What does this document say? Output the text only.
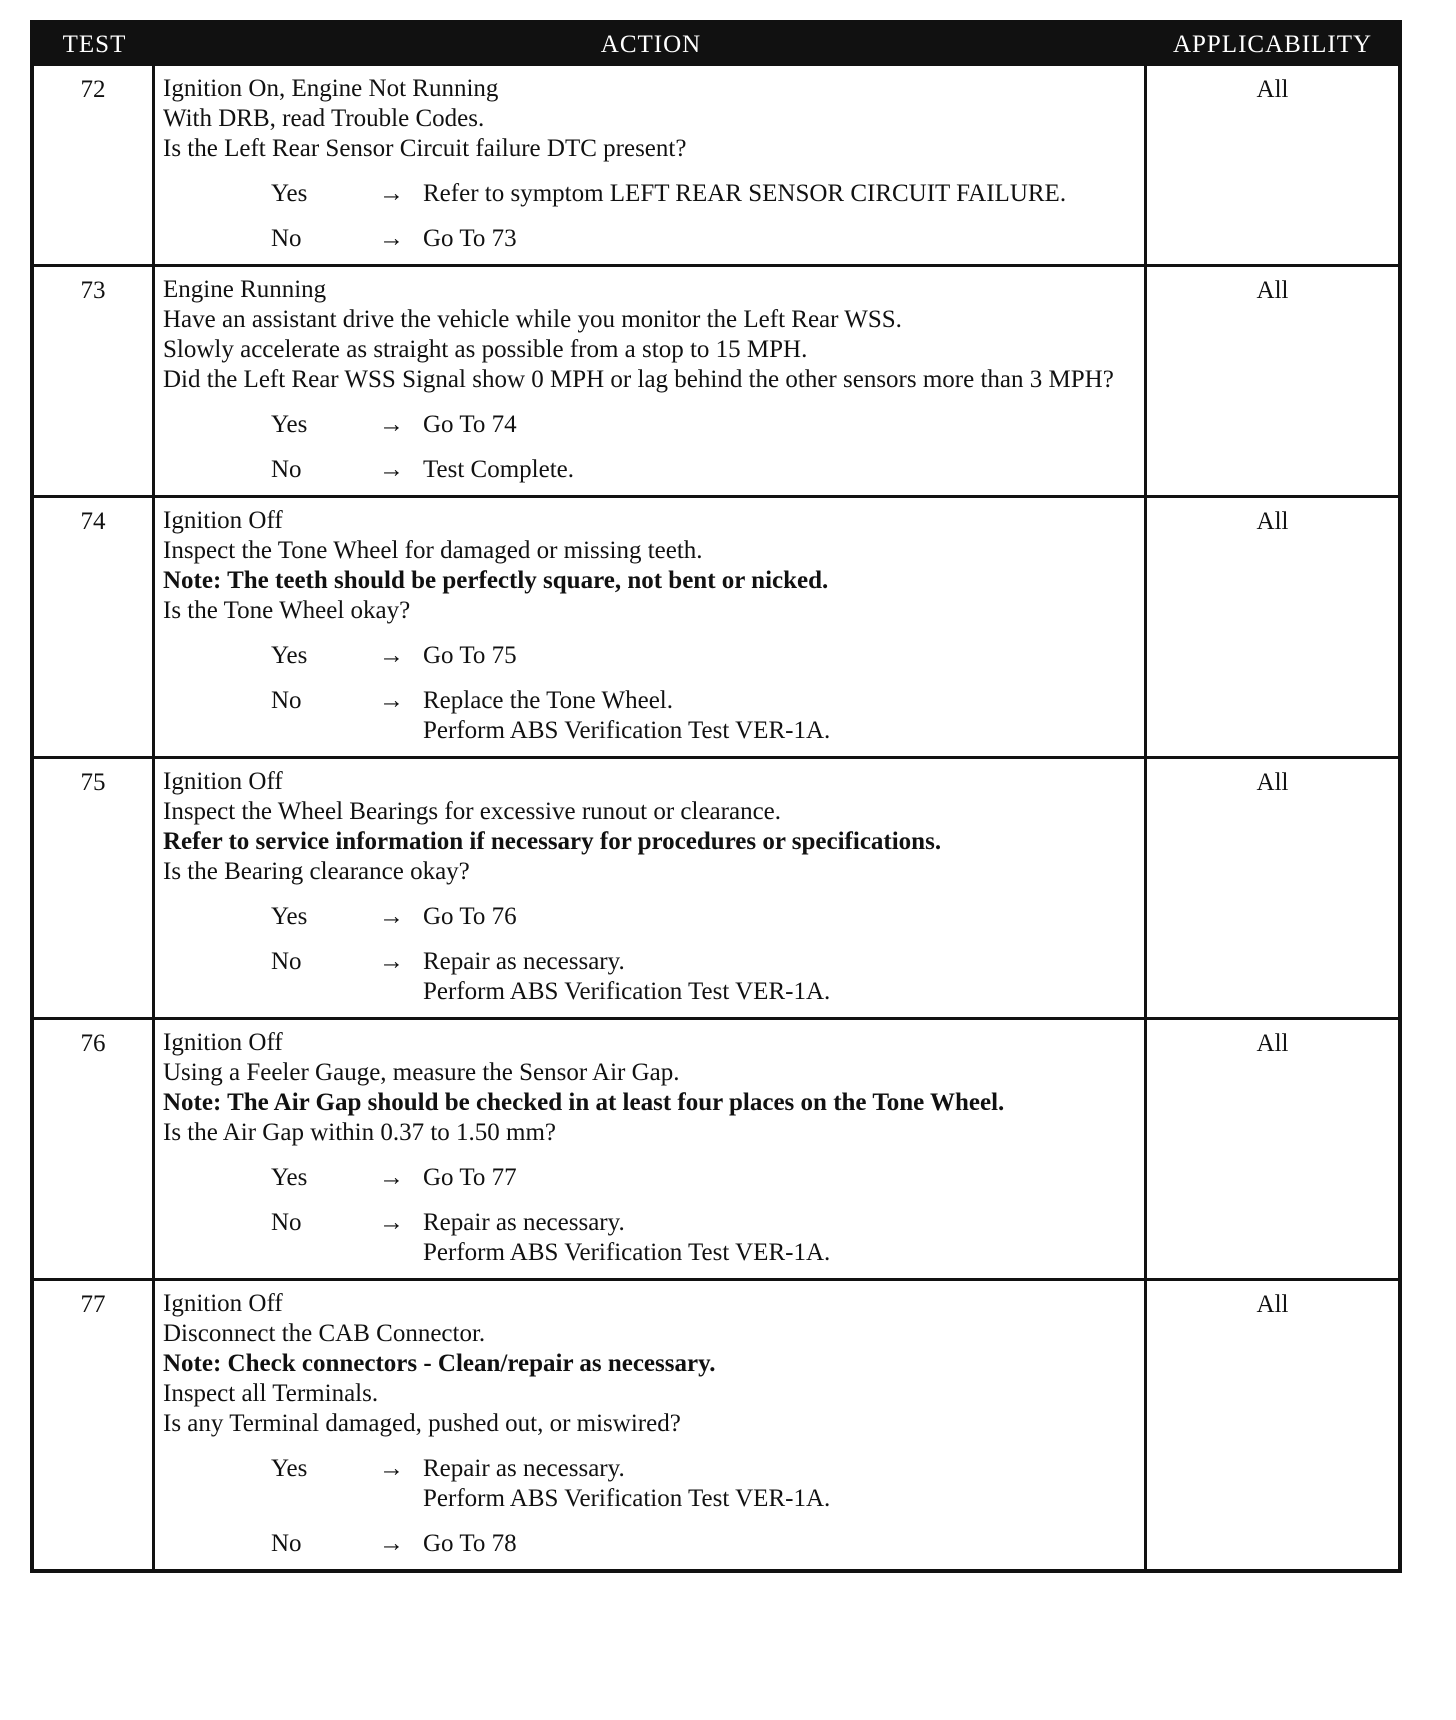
TEST	ACTION	APPLICABILITY
72	Ignition On, Engine Not Running
With DRB, read Trouble Codes.
Is the Left Rear Sensor Circuit failure DTC present?
Yes	→ Refer to symptom LEFT REAR SENSOR CIRCUIT FAILURE.
No	→ Go To 73
All
73	Engine Running
Have an assistant drive the vehicle while you monitor the Left Rear WSS.
Slowly accelerate as straight as possible from a stop to 15 MPH.
Did the Left Rear WSS Signal show 0 MPH or lag behind the other sensors more than 3 MPH?
Yes	→ Go To 74
No	→ Test Complete.
All
74	Ignition Off
Inspect the Tone Wheel for damaged or missing teeth.
Note: The teeth should be perfectly square, not bent or nicked.
Is the Tone Wheel okay?
Yes	→ Go To 75
No	→ Replace the Tone Wheel.
Perform ABS Verification Test VER-1A.
All
75	Ignition Off
Inspect the Wheel Bearings for excessive runout or clearance.
Refer to service information if necessary for procedures or specifications.
Is the Bearing clearance okay?
Yes	→ Go To 76
No	→ Repair as necessary.
Perform ABS Verification Test VER-1A.
All
76	Ignition Off
Using a Feeler Gauge, measure the Sensor Air Gap.
Note: The Air Gap should be checked in at least four places on the Tone Wheel.
Is the Air Gap within 0.37 to 1.50 mm?
Yes	→ Go To 77
No	→ Repair as necessary.
Perform ABS Verification Test VER-1A.
All
77	Ignition Off
Disconnect the CAB Connector.
Note: Check connectors - Clean/repair as necessary.
Inspect all Terminals.
Is any Terminal damaged, pushed out, or miswired?
Yes	→ Repair as necessary.
Perform ABS Verification Test VER-1A.
No	→ Go To 78
All
